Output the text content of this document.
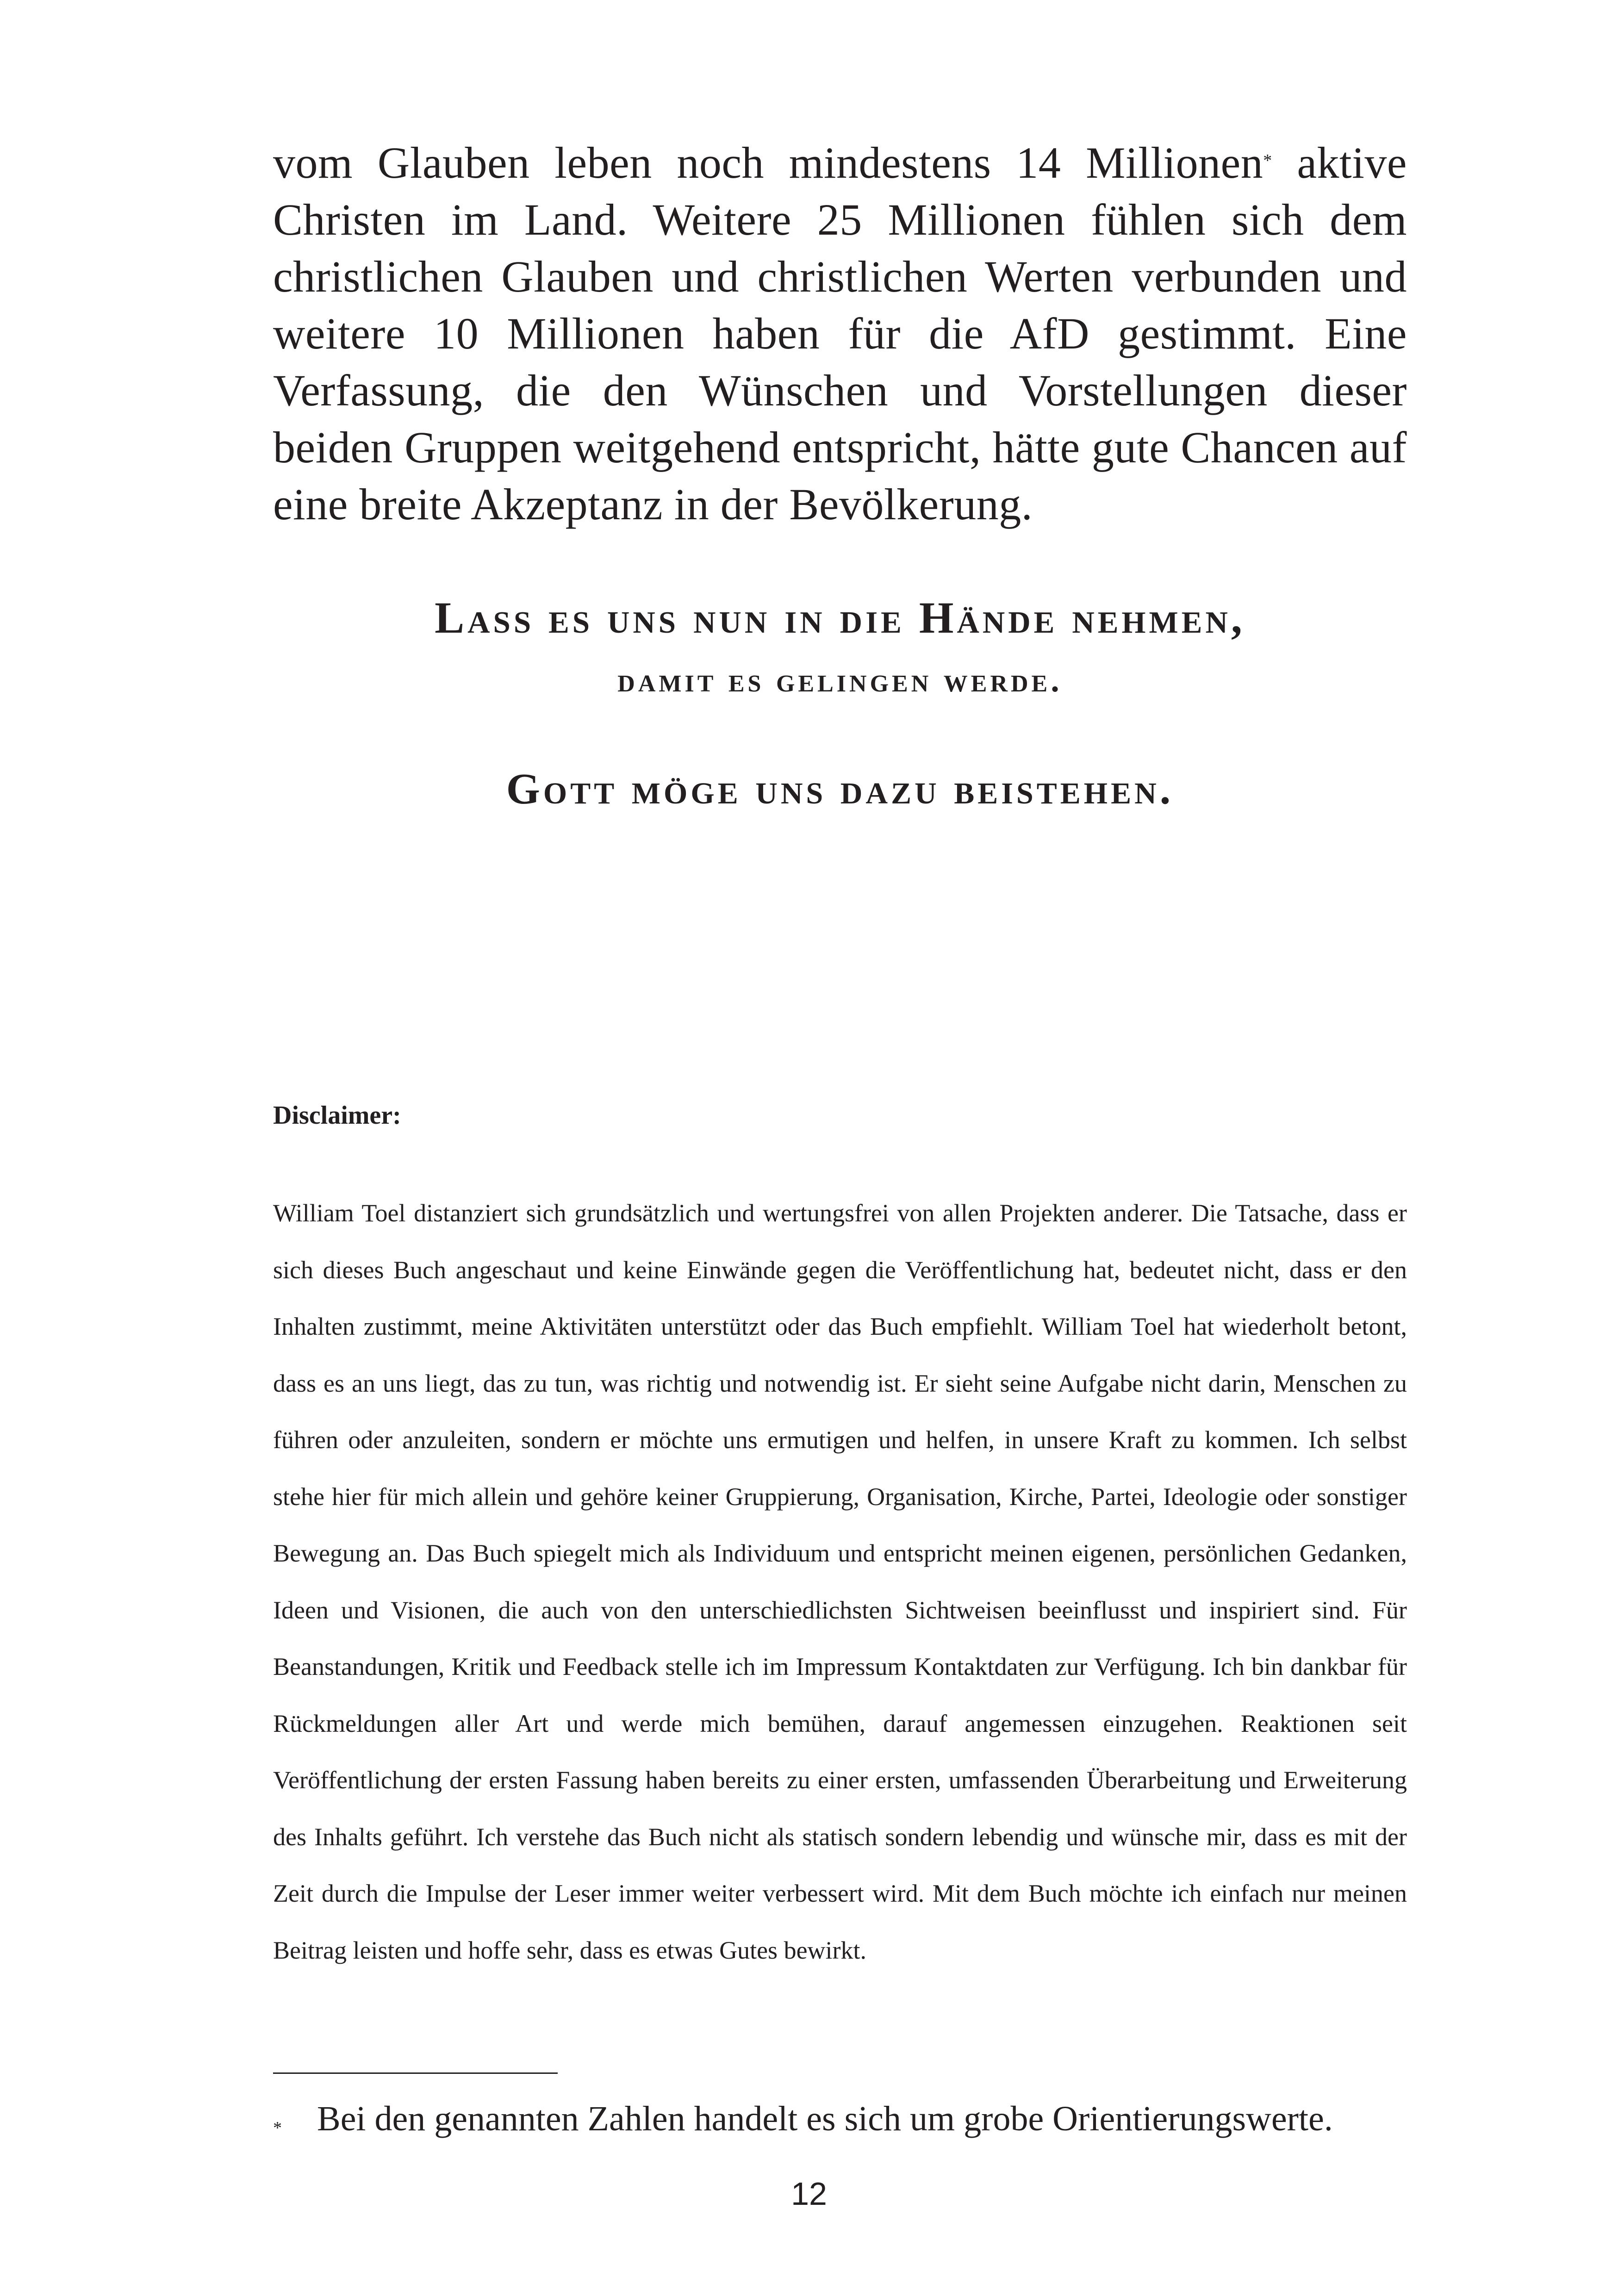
vom Glauben leben noch mindestens 14 Millionen* aktive Christen im Land. Weitere 25 Millionen fühlen sich dem christlichen Glauben und christlichen Werten verbunden und weitere 10 Millionen haben für die AfD gestimmt. Eine Verfassung, die den Wünschen und Vorstellungen dieser beiden Gruppen weitgehend entspricht, hätte gute Chancen auf eine breite Akzeptanz in der Bevölkerung.

Lass es uns nun in die Hände nehmen,

damit es gelingen werde.

Gott möge uns dazu beistehen.

Disclaimer:

William Toel distanziert sich grundsätzlich und wertungsfrei von allen Projekten anderer. Die Tatsache, dass er sich dieses Buch angeschaut und keine Einwände gegen die Veröffentlichung hat, bedeutet nicht, dass er den Inhalten zustimmt, meine Aktivitäten unterstützt oder das Buch empfiehlt. William Toel hat wiederholt betont, dass es an uns liegt, das zu tun, was richtig und notwendig ist. Er sieht seine Aufgabe nicht darin, Menschen zu führen oder anzuleiten, sondern er möchte uns ermutigen und helfen, in unsere Kraft zu kommen. Ich selbst stehe hier für mich allein und gehöre keiner Gruppierung, Organisation, Kirche, Partei, Ideologie oder sonstiger Bewegung an. Das Buch spiegelt mich als Individuum und entspricht meinen eigenen, persönlichen Gedanken, Ideen und Visionen, die auch von den unterschiedlichsten Sichtweisen beeinflusst und inspiriert sind. Für Beanstandungen, Kritik und Feedback stelle ich im Impressum Kontaktdaten zur Verfügung. Ich bin dankbar für Rückmeldungen aller Art und werde mich bemühen, darauf angemessen einzugehen. Reaktionen seit Veröffentlichung der ersten Fassung haben bereits zu einer ersten, umfassenden Überarbeitung und Erweiterung des Inhalts geführt. Ich verstehe das Buch nicht als statisch sondern lebendig und wünsche mir, dass es mit der Zeit durch die Impulse der Leser immer weiter verbessert wird. Mit dem Buch möchte ich einfach nur meinen Beitrag leisten und hoffe sehr, dass es etwas Gutes bewirkt.

* Bei den genannten Zahlen handelt es sich um grobe Orientierungswerte.

12
